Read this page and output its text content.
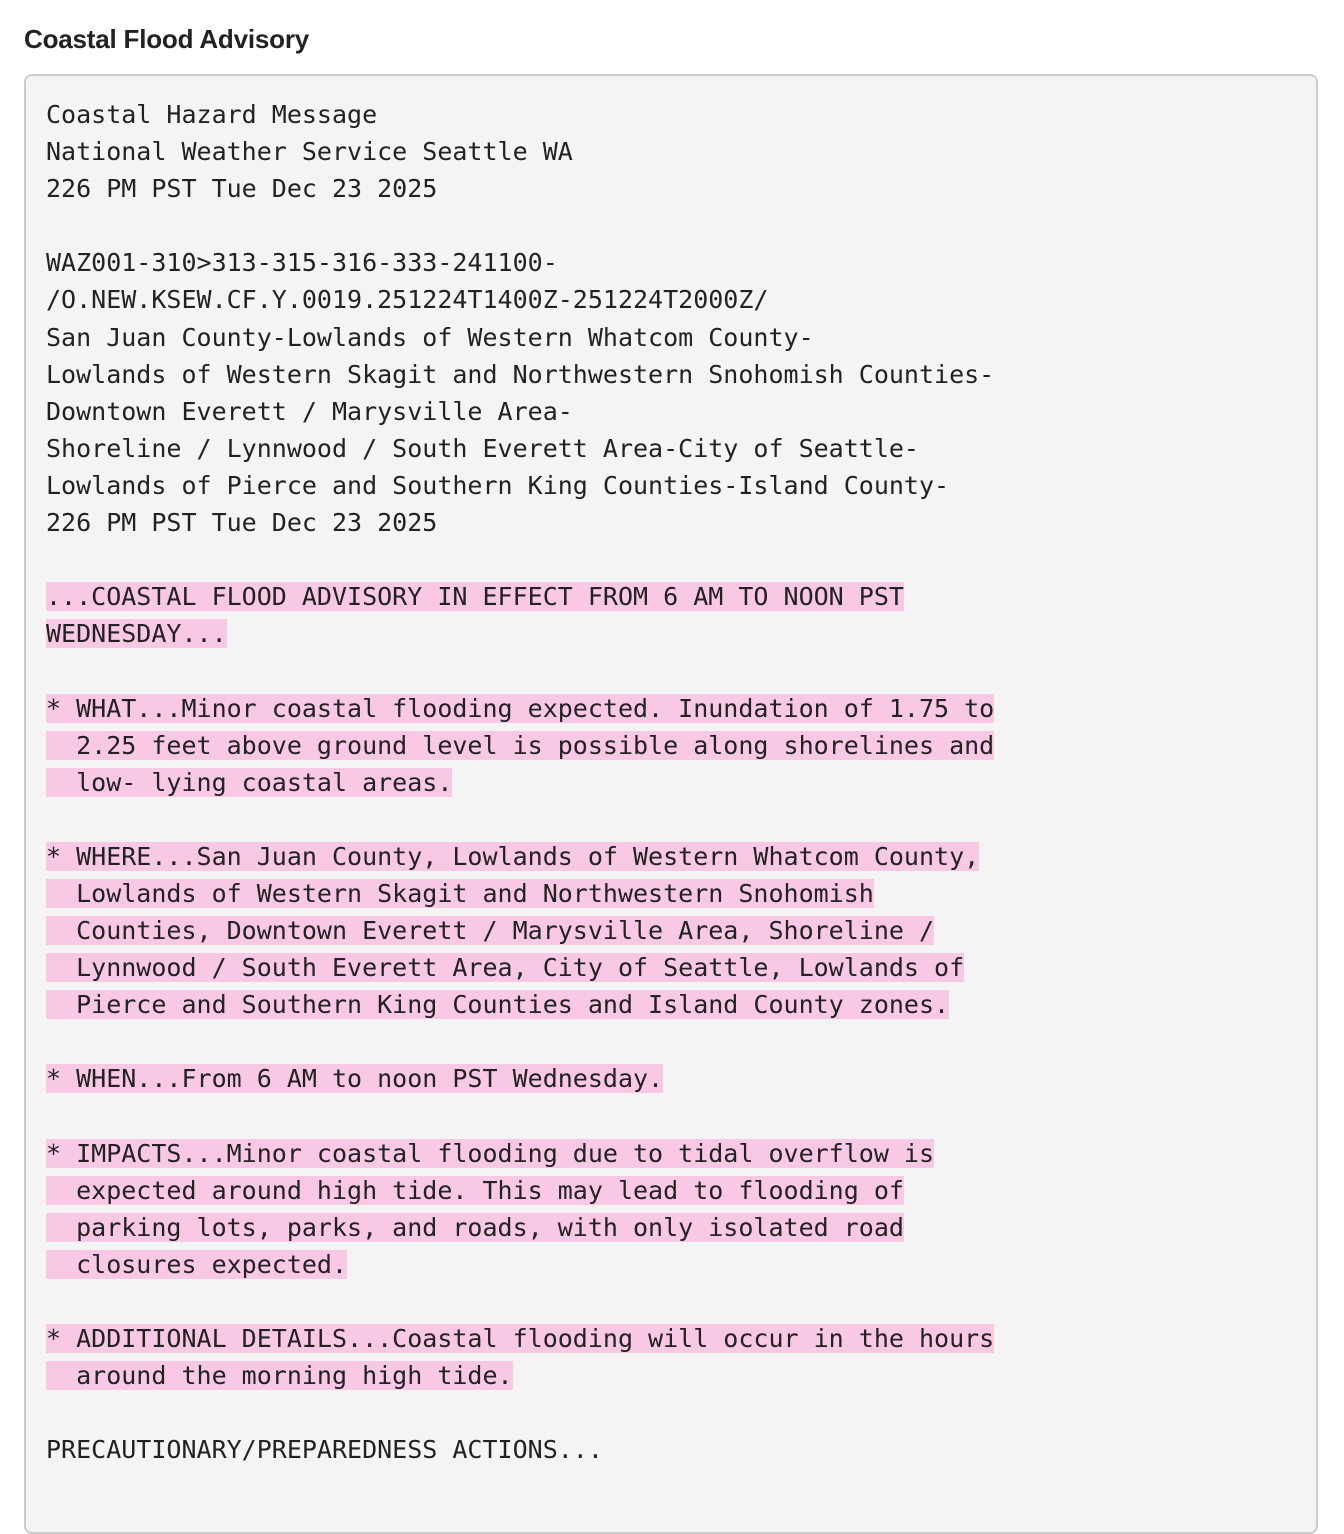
Coastal Flood Advisory
Coastal Hazard Message
National Weather Service Seattle WA
226 PM PST Tue Dec 23 2025
WAZ001-310>313-315-316-333-241100-
/O.NEW.KSEW.CF.Y.0019.251224T1400Z-251224T2000Z/
San Juan County-Lowlands of Western Whatcom County-
Lowlands of Western Skagit and Northwestern Snohomish Counties-
Downtown Everett / Marysville Area-
Shoreline / Lynnwood / South Everett Area-City of Seattle-
Lowlands of Pierce and Southern King Counties-Island County-
226 PM PST Tue Dec 23 2025
...COASTAL FLOOD ADVISORY IN EFFECT FROM 6 AM TO NOON PST
WEDNESDAY...
* WHAT...Minor coastal flooding expected. Inundation of 1.75 to
2.25 feet above ground level is possible along shorelines and
low- lying coastal areas.
* WHERE...San Juan County, Lowlands of Western Whatcom County,
Lowlands of Western Skagit and Northwestern Snohomish
Counties, Downtown Everett / Marysville Area, Shoreline /
Lynnwood / South Everett Area, City of Seattle, Lowlands of
Pierce and Southern King Counties and Island County zones.
* WHEN...From 6 AM to noon PST Wednesday.
* IMPACTS...Minor coastal flooding due to tidal overflow is
expected around high tide. This may lead to flooding of
parking lots, parks, and roads, with only isolated road
closures expected.
* ADDITIONAL DETAILS...Coastal flooding will occur in the hours
around the morning high tide.
PRECAUTIONARY/PREPAREDNESS ACTIONS...
